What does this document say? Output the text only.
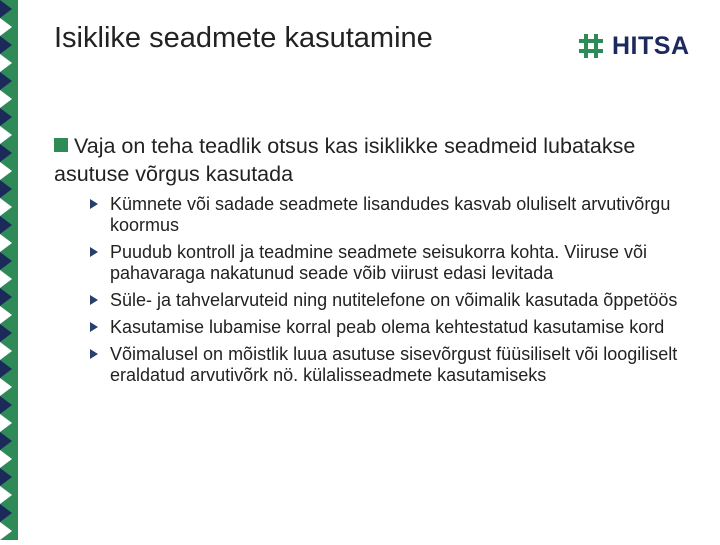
Isiklike seadmete kasutamine	HITSA
Vaja on teha teadlik otsus kas isiklikke seadmeid lubatakse asutuse võrgus kasutada
Kümnete või sadade seadmete lisandudes kasvab oluliselt arvutivõrgu koormus
Puudub kontroll ja teadmine seadmete seisukorra kohta. Viiruse või pahavaraga nakatunud seade võib viirust edasi levitada
Süle- ja tahvelarvuteid ning nutitelefone on võimalik kasutada õppetöös
Kasutamise lubamise korral peab olema kehtestatud kasutamise kord
Võimalusel on mõistlik luua asutuse sisevõrgust füüsiliselt või loogiliselt eraldatud arvutivõrk nö. külalisseadmete kasutamiseks
